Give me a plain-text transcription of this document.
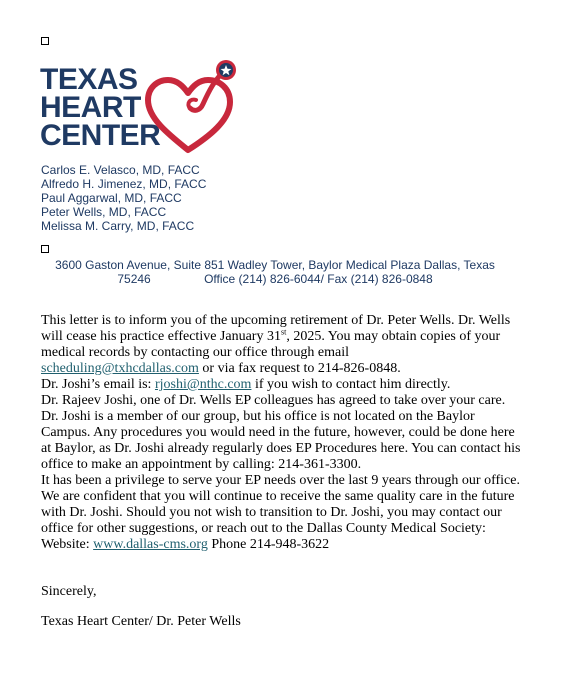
TEXAS
HEART
CENTER
Carlos E. Velasco, MD, FACC
Alfredo H. Jimenez, MD, FACC
Paul Aggarwal, MD, FACC
Peter Wells, MD, FACC
Melissa M. Carry, MD, FACC
3600 Gaston Avenue, Suite 851 Wadley Tower, Baylor Medical Plaza Dallas, Texas
75246	Office (214) 826-6044/ Fax (214) 826-0848

This letter is to inform you of the upcoming retirement of Dr. Peter Wells. Dr. Wells will cease his practice effective January 31st, 2025. You may obtain copies of your medical records by contacting our office through email
scheduling@txhcdallas.com or via fax request to 214-826-0848.

Dr. Joshi’s email is: rjoshi@nthc.com if you wish to contact him directly.

Dr. Rajeev Joshi, one of Dr. Wells EP colleagues has agreed to take over your care. Dr. Joshi is a member of our group, but his office is not located on the Baylor Campus. Any procedures you would need in the future, however, could be done here at Baylor, as Dr. Joshi already regularly does EP Procedures here. You can contact his office to make an appointment by calling: 214-361-3300.

It has been a privilege to serve your EP needs over the last 9 years through our office. We are confident that you will continue to receive the same quality care in the future with Dr. Joshi. Should you not wish to transition to Dr. Joshi, you may contact our office for other suggestions, or reach out to the Dallas County Medical Society:

Website: www.dallas-cms.org Phone 214-948-3622

Sincerely,
Texas Heart Center/ Dr. Peter Wells
